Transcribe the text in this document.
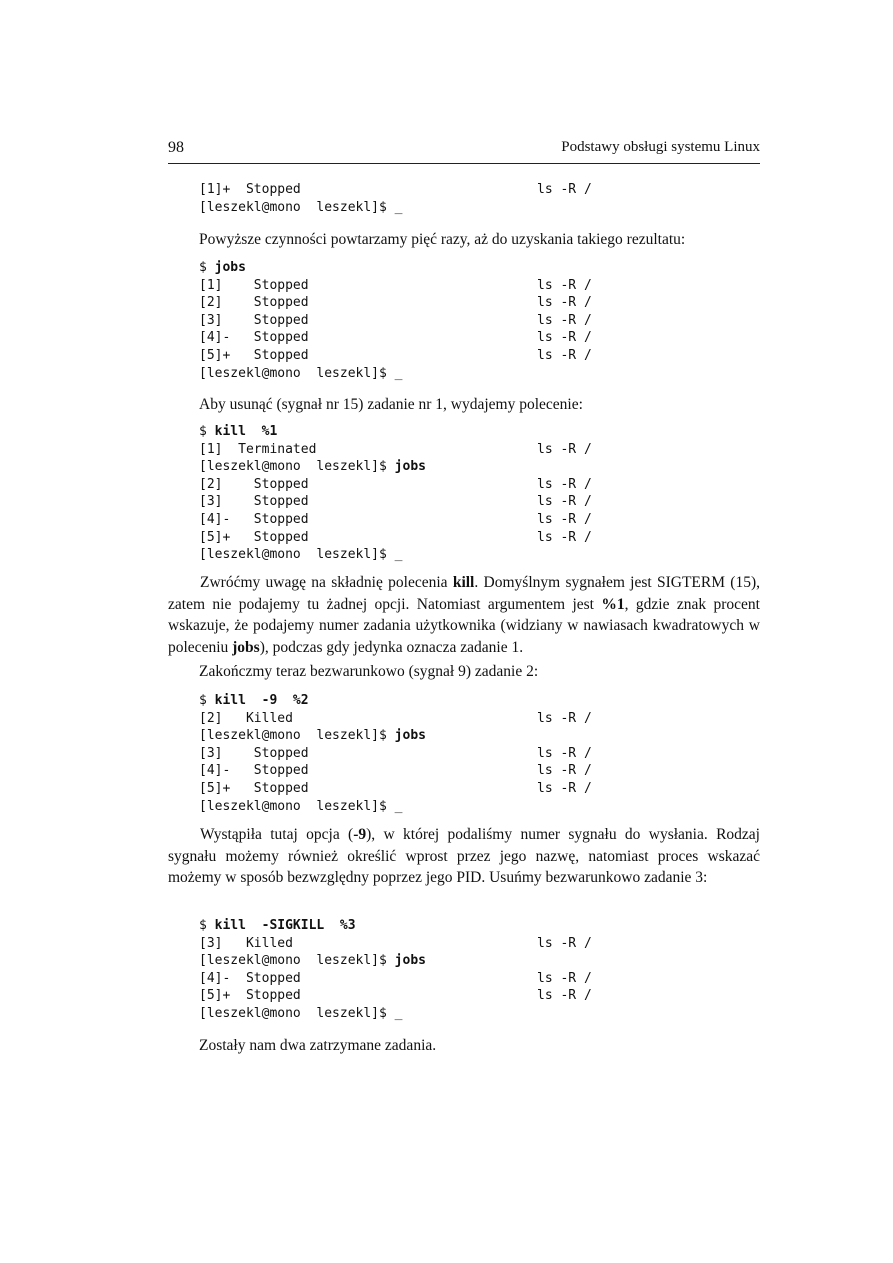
98	Podstawy obsługi systemu Linux
[1]+  Stopped	ls -R /
[leszekl@mono  leszekl]$ _
Powyższe czynności powtarzamy pięć razy, aż do uzyskania takiego rezultatu:
$ jobs
[1]    Stopped	ls -R /
[2]    Stopped	ls -R /
[3]    Stopped	ls -R /
[4]-   Stopped	ls -R /
[5]+   Stopped	ls -R /
[leszekl@mono  leszekl]$ _
Aby usunąć (sygnał nr 15) zadanie nr 1, wydajemy polecenie:
$ kill  %1
[1]  Terminated	ls -R /
[leszekl@mono  leszekl]$ jobs
[2]    Stopped	ls -R /
[3]    Stopped	ls -R /
[4]-   Stopped	ls -R /
[5]+   Stopped	ls -R /
[leszekl@mono  leszekl]$ _
Zwróćmy uwagę na składnię polecenia kill. Domyślnym sygnałem jest SIGTERM (15), zatem nie podajemy tu żadnej opcji. Natomiast argumentem jest %1, gdzie znak procent wskazuje, że podajemy numer zadania użytkownika (widziany w nawiasach kwadratowych w poleceniu jobs), podczas gdy jedynka oznacza zadanie 1.
Zakończmy teraz bezwarunkowo (sygnał 9) zadanie 2:
$ kill  -9  %2
[2]   Killed	ls -R /
[leszekl@mono  leszekl]$ jobs
[3]    Stopped	ls -R /
[4]-   Stopped	ls -R /
[5]+   Stopped	ls -R /
[leszekl@mono  leszekl]$ _
Wystąpiła tutaj opcja (-9), w której podaliśmy numer sygnału do wysłania. Rodzaj sygnału możemy również określić wprost przez jego nazwę, natomiast proces wskazać możemy w sposób bezwzględny poprzez jego PID. Usuńmy bezwarunkowo zadanie 3:
$ kill  -SIGKILL  %3
[3]   Killed	ls -R /
[leszekl@mono  leszekl]$ jobs
[4]-  Stopped	ls -R /
[5]+  Stopped	ls -R /
[leszekl@mono  leszekl]$ _
Zostały nam dwa zatrzymane zadania.
